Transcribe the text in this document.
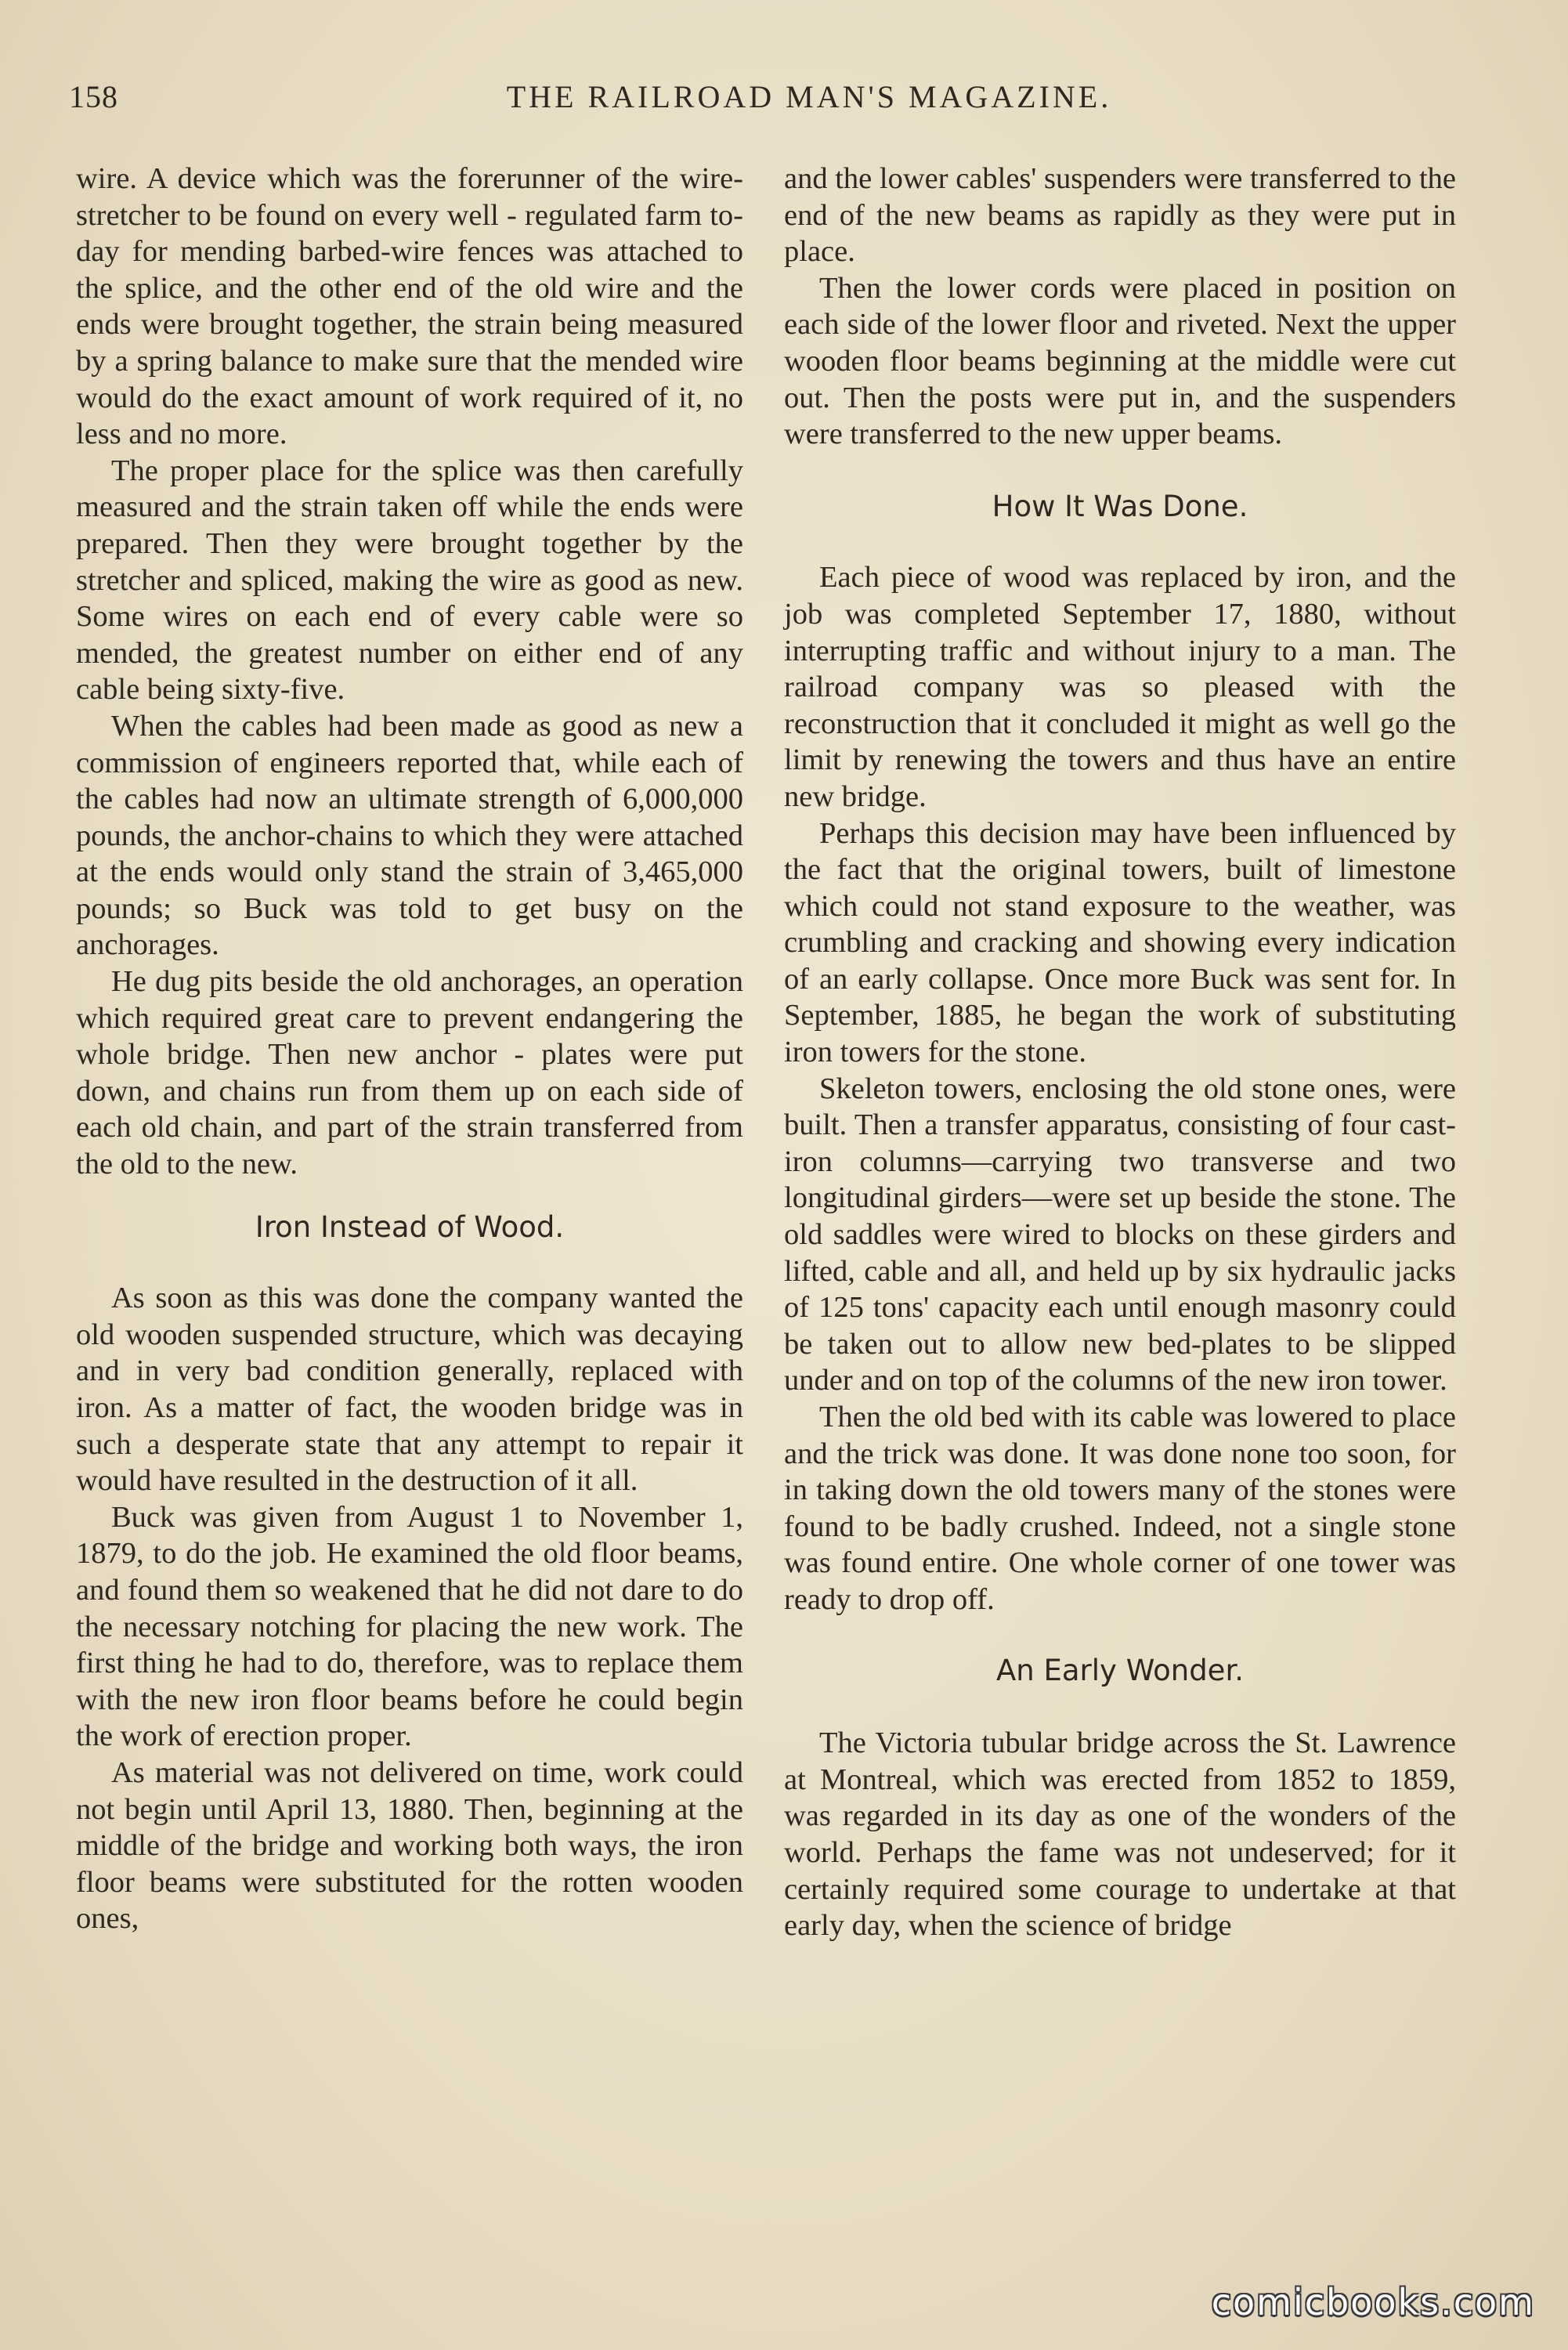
158	THE RAILROAD MAN'S MAGAZINE.

wire. A device which was the forerunner of the wire-stretcher to be found on every well - regulated farm to-day for mending barbed-wire fences was attached to the splice, and the other end of the old wire and the ends were brought together, the strain being measured by a spring balance to make sure that the mended wire would do the exact amount of work required of it, no less and no more.

The proper place for the splice was then carefully measured and the strain taken off while the ends were prepared. Then they were brought together by the stretcher and spliced, making the wire as good as new. Some wires on each end of every cable were so mended, the greatest number on either end of any cable being sixty-five.

When the cables had been made as good as new a commission of engineers reported that, while each of the cables had now an ultimate strength of 6,000,000 pounds, the anchor-chains to which they were attached at the ends would only stand the strain of 3,465,000 pounds; so Buck was told to get busy on the anchorages.

He dug pits beside the old anchorages, an operation which required great care to prevent endangering the whole bridge. Then new anchor - plates were put down, and chains run from them up on each side of each old chain, and part of the strain transferred from the old to the new.

Iron Instead of Wood.

As soon as this was done the company wanted the old wooden suspended structure, which was decaying and in very bad condition generally, replaced with iron. As a matter of fact, the wooden bridge was in such a desperate state that any attempt to repair it would have resulted in the destruction of it all.

Buck was given from August 1 to November 1, 1879, to do the job. He examined the old floor beams, and found them so weakened that he did not dare to do the necessary notching for placing the new work. The first thing he had to do, therefore, was to replace them with the new iron floor beams before he could begin the work of erection proper.

As material was not delivered on time, work could not begin until April 13, 1880. Then, beginning at the middle of the bridge and working both ways, the iron floor beams were substituted for the rotten wooden ones,

and the lower cables' suspenders were transferred to the end of the new beams as rapidly as they were put in place.

Then the lower cords were placed in position on each side of the lower floor and riveted. Next the upper wooden floor beams beginning at the middle were cut out. Then the posts were put in, and the suspenders were transferred to the new upper beams.

How It Was Done.

Each piece of wood was replaced by iron, and the job was completed September 17, 1880, without interrupting traffic and without injury to a man. The railroad company was so pleased with the reconstruction that it concluded it might as well go the limit by renewing the towers and thus have an entire new bridge.

Perhaps this decision may have been influenced by the fact that the original towers, built of limestone which could not stand exposure to the weather, was crumbling and cracking and showing every indication of an early collapse. Once more Buck was sent for. In September, 1885, he began the work of substituting iron towers for the stone.

Skeleton towers, enclosing the old stone ones, were built. Then a transfer apparatus, consisting of four cast-iron columns—carrying two transverse and two longitudinal girders—were set up beside the stone. The old saddles were wired to blocks on these girders and lifted, cable and all, and held up by six hydraulic jacks of 125 tons' capacity each until enough masonry could be taken out to allow new bed-plates to be slipped under and on top of the columns of the new iron tower.

Then the old bed with its cable was lowered to place and the trick was done. It was done none too soon, for in taking down the old towers many of the stones were found to be badly crushed. Indeed, not a single stone was found entire. One whole corner of one tower was ready to drop off.

An Early Wonder.

The Victoria tubular bridge across the St. Lawrence at Montreal, which was erected from 1852 to 1859, was regarded in its day as one of the wonders of the world. Perhaps the fame was not undeserved; for it certainly required some courage to undertake at that early day, when the science of bridge

comicbooks.com
